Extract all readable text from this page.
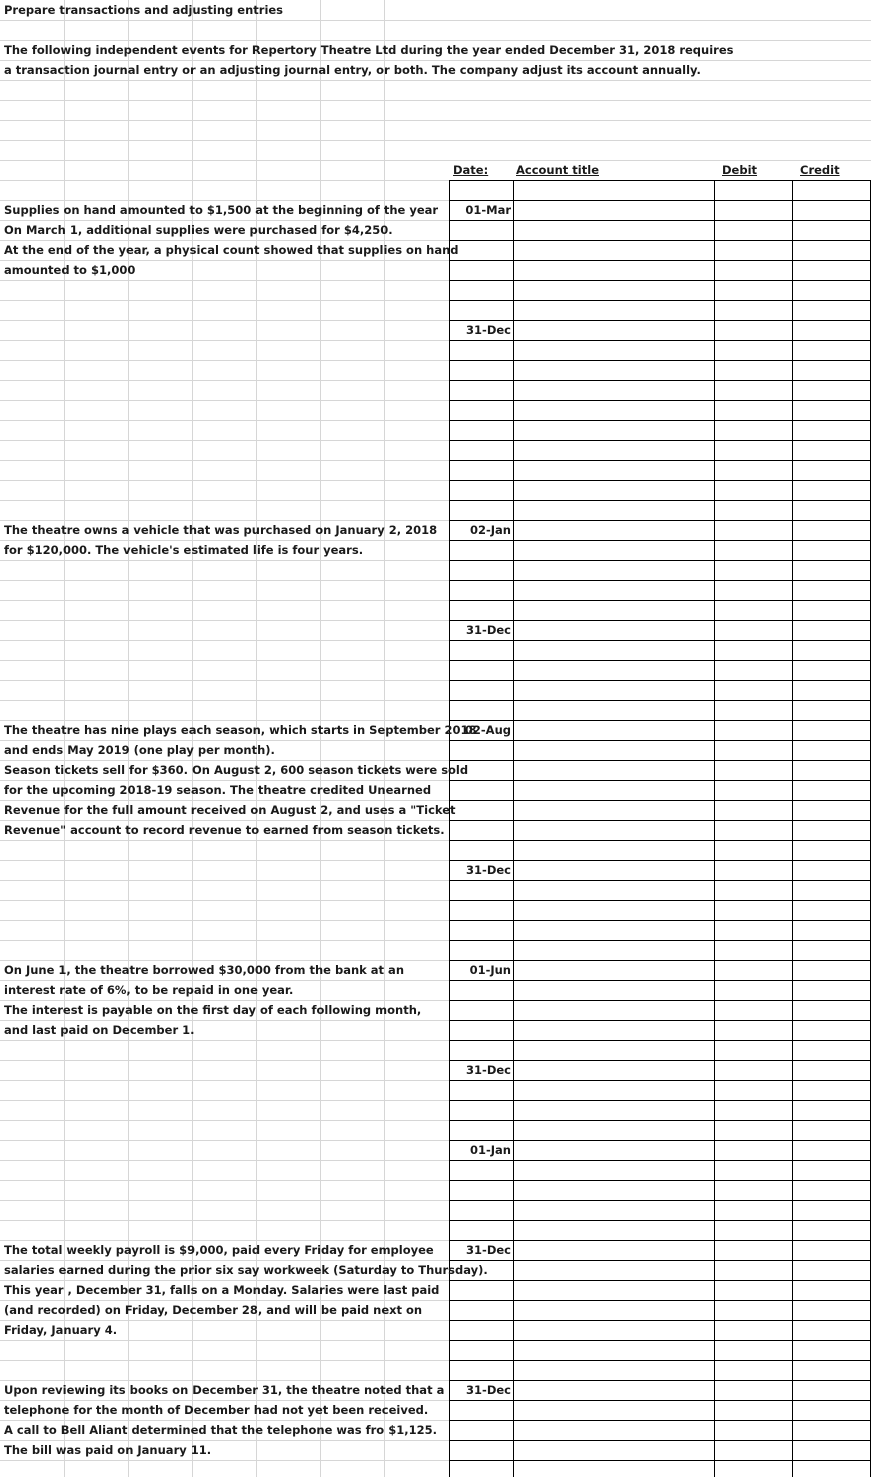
Prepare transactions and adjusting entries
The following independent events for Repertory Theatre Ltd during the year ended December 31, 2018 requires
a transaction journal entry or an adjusting journal entry, or both. The company adjust its account annually.
Date: Account title	Debit	Credit
Supplies on hand amounted to $1,500 at the beginning of the year
On March 1, additional supplies were purchased for $4,250.
At the end of the year, a physical count showed that supplies on hand
amounted to $1,000
01-Mar
31-Dec
The theatre owns a vehicle that was purchased on January 2, 2018
for $120,000. The vehicle's estimated life is four years.
02-Jan
31-Dec
The theatre has nine plays each season, which starts in September 2018
and ends May 2019 (one play per month).
Season tickets sell for $360. On August 2, 600 season tickets were sold
for the upcoming 2018-19 season. The theatre credited Unearned
Revenue for the full amount received on August 2, and uses a "Ticket
Revenue" account to record revenue to earned from season tickets.
02-Aug
31-Dec
On June 1, the theatre borrowed $30,000 from the bank at an
interest rate of 6%, to be repaid in one year.
The interest is payable on the first day of each following month,
and last paid on December 1.
01-Jun
31-Dec
01-Jan
The total weekly payroll is $9,000, paid every Friday for employee
salaries earned during the prior six say workweek (Saturday to Thursday).
This year , December 31, falls on a Monday. Salaries were last paid
(and recorded) on Friday, December 28, and will be paid next on
Friday, January 4.
31-Dec
Upon reviewing its books on December 31, the theatre noted that a
telephone for the month of December had not yet been received.
A call to Bell Aliant determined that the telephone was fro $1,125.
The bill was paid on January 11.
31-Dec
